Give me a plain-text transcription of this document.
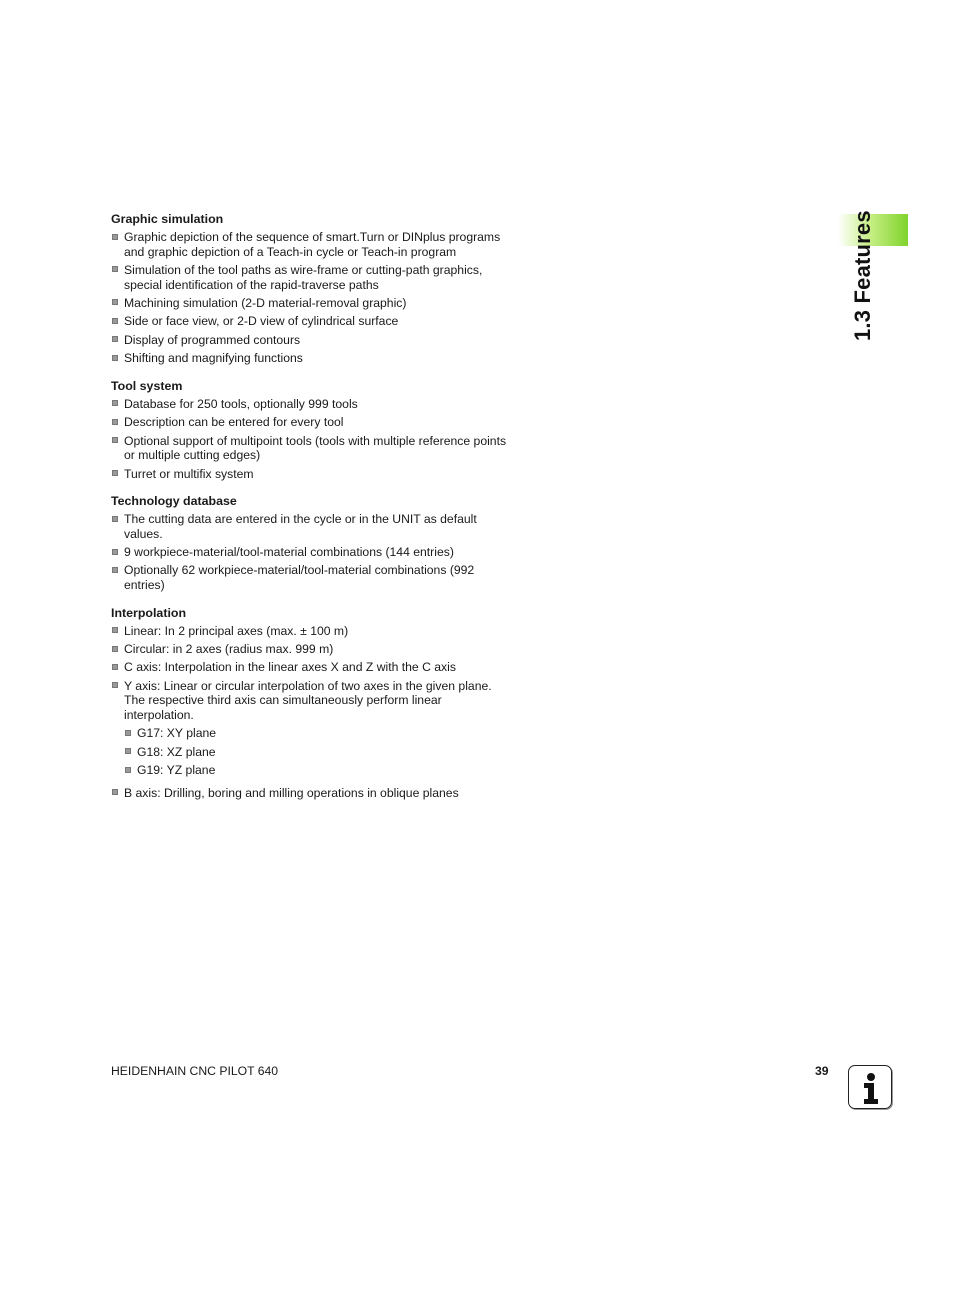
1.3 Features
Graphic simulation
Graphic depiction of the sequence of smart.Turn or DINplus programs and graphic depiction of a Teach-in cycle or Teach-in program
Simulation of the tool paths as wire-frame or cutting-path graphics, special identification of the rapid-traverse paths
Machining simulation (2-D material-removal graphic)
Side or face view, or 2-D view of cylindrical surface
Display of programmed contours
Shifting and magnifying functions
Tool system
Database for 250 tools, optionally 999 tools
Description can be entered for every tool
Optional support of multipoint tools (tools with multiple reference points or multiple cutting edges)
Turret or multifix system
Technology database
The cutting data are entered in the cycle or in the UNIT as default values.
9 workpiece-material/tool-material combinations (144 entries)
Optionally 62 workpiece-material/tool-material combinations (992 entries)
Interpolation
Linear: In 2 principal axes (max. ± 100 m)
Circular: in 2 axes (radius max. 999 m)
C axis: Interpolation in the linear axes X and Z with the C axis
Y axis: Linear or circular interpolation of two axes in the given plane. The respective third axis can simultaneously perform linear interpolation.
G17: XY plane
G18: XZ plane
G19: YZ plane
B axis: Drilling, boring and milling operations in oblique planes
HEIDENHAIN CNC PILOT 640	39
